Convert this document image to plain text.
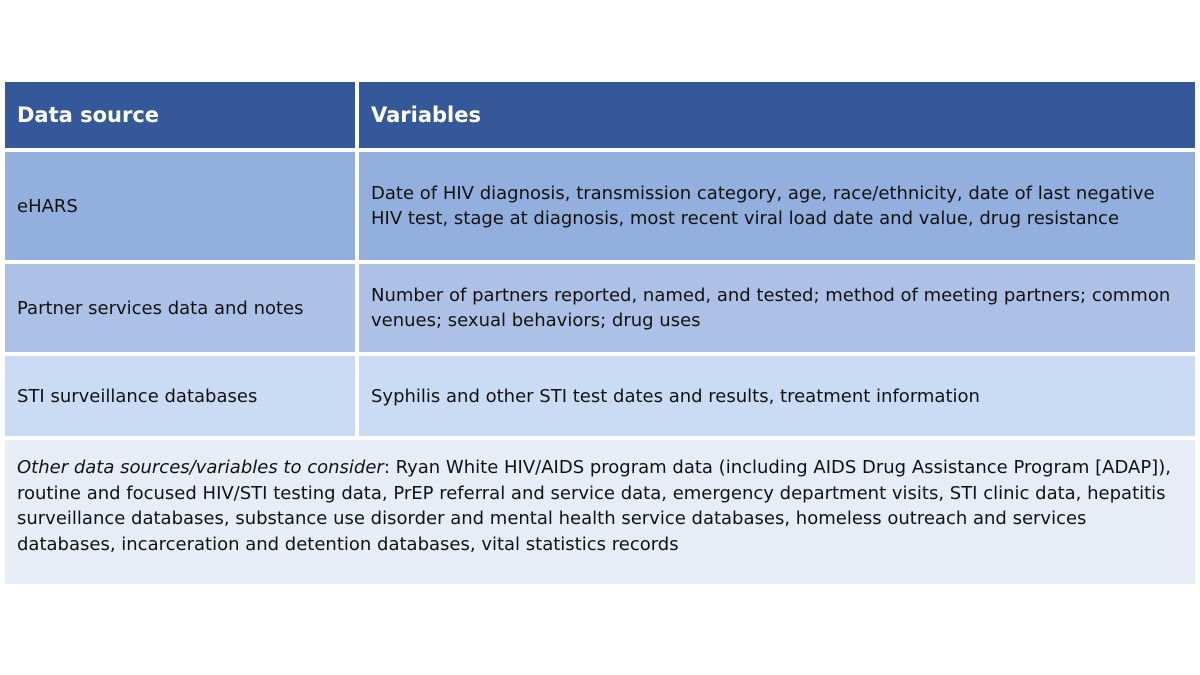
Data source	Variables
eHARS
Date of HIV diagnosis, transmission category, age, race/ethnicity, date of last negative HIV test, stage at diagnosis, most recent viral load date and value, drug resistance
Partner services data and notes
Number of partners reported, named, and tested; method of meeting partners; common venues; sexual behaviors; drug uses
STI surveillance databases	Syphilis and other STI test dates and results, treatment information
Other data sources/variables to consider: Ryan White HIV/AIDS program data (including AIDS Drug Assistance Program [ADAP]), routine and focused HIV/STI testing data, PrEP referral and service data, emergency department visits, STI clinic data, hepatitis surveillance databases, substance use disorder and mental health service databases, homeless outreach and services databases, incarceration and detention databases, vital statistics records
